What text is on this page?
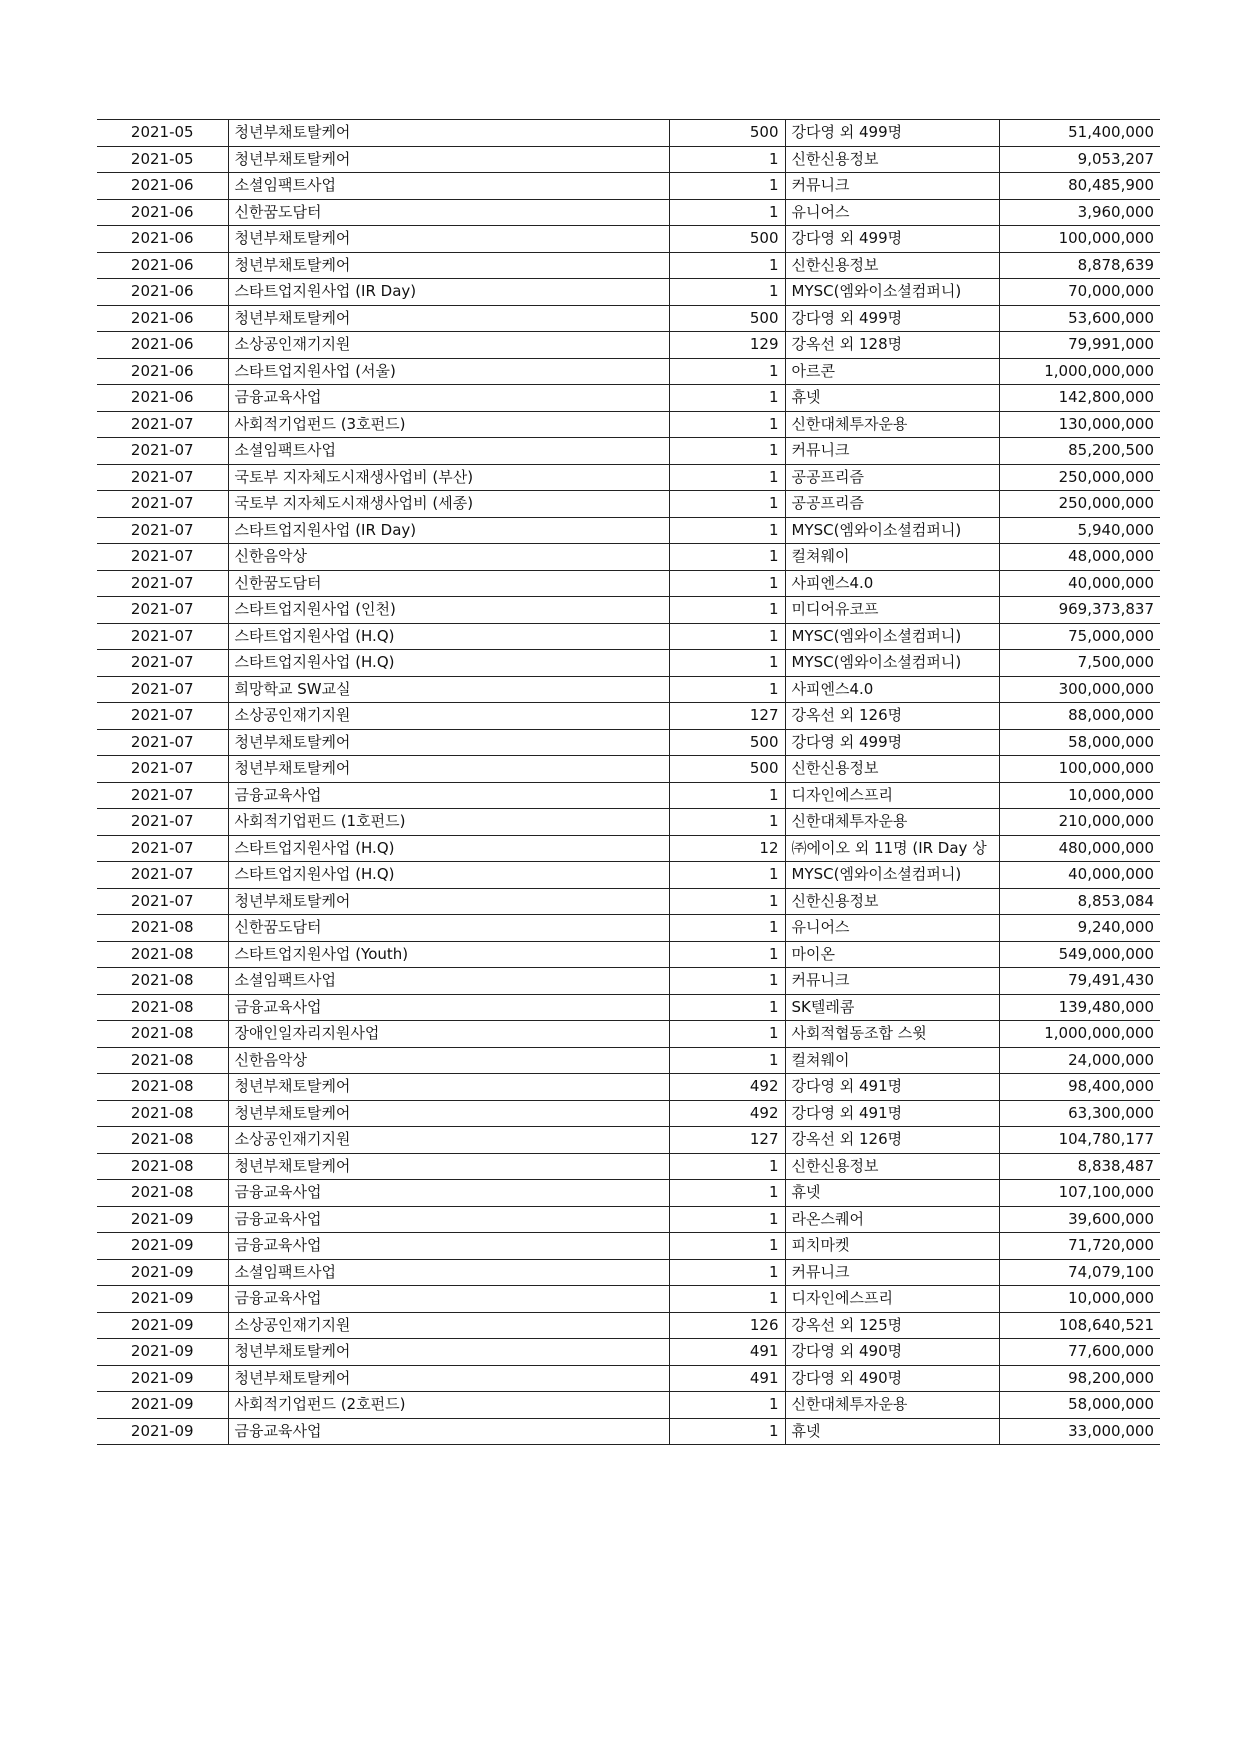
2021-05	청년부채토탈케어	500	강다영 외 499명	51,400,000
2021-05	청년부채토탈케어	1	신한신용정보	9,053,207
2021-06	소셜임팩트사업	1	커뮤니크	80,485,900
2021-06	신한꿈도담터	1	유니어스	3,960,000
2021-06	청년부채토탈케어	500	강다영 외 499명	100,000,000
2021-06	청년부채토탈케어	1	신한신용정보	8,878,639
2021-06	스타트업지원사업 (IR Day)	1	MYSC(엠와이소셜컴퍼니)	70,000,000
2021-06	청년부채토탈케어	500	강다영 외 499명	53,600,000
2021-06	소상공인재기지원	129	강옥선 외 128명	79,991,000
2021-06	스타트업지원사업 (서울)	1	아르콘	1,000,000,000
2021-06	금융교육사업	1	휴넷	142,800,000
2021-07	사회적기업펀드 (3호펀드)	1	신한대체투자운용	130,000,000
2021-07	소셜임팩트사업	1	커뮤니크	85,200,500
2021-07	국토부 지자체도시재생사업비 (부산)	1	공공프리즘	250,000,000
2021-07	국토부 지자체도시재생사업비 (세종)	1	공공프리즘	250,000,000
2021-07	스타트업지원사업 (IR Day)	1	MYSC(엠와이소셜컴퍼니)	5,940,000
2021-07	신한음악상	1	컬쳐웨이	48,000,000
2021-07	신한꿈도담터	1	사피엔스4.0	40,000,000
2021-07	스타트업지원사업 (인천)	1	미디어유코프	969,373,837
2021-07	스타트업지원사업 (H.Q)	1	MYSC(엠와이소셜컴퍼니)	75,000,000
2021-07	스타트업지원사업 (H.Q)	1	MYSC(엠와이소셜컴퍼니)	7,500,000
2021-07	희망학교 SW교실	1	사피엔스4.0	300,000,000
2021-07	소상공인재기지원	127	강옥선 외 126명	88,000,000
2021-07	청년부채토탈케어	500	강다영 외 499명	58,000,000
2021-07	청년부채토탈케어	500	신한신용정보	100,000,000
2021-07	금융교육사업	1	디자인에스프리	10,000,000
2021-07	사회적기업펀드 (1호펀드)	1	신한대체투자운용	210,000,000
2021-07	스타트업지원사업 (H.Q)	12	㈜에이오 외 11명 (IR Day 상	480,000,000
2021-07	스타트업지원사업 (H.Q)	1	MYSC(엠와이소셜컴퍼니)	40,000,000
2021-07	청년부채토탈케어	1	신한신용정보	8,853,084
2021-08	신한꿈도담터	1	유니어스	9,240,000
2021-08	스타트업지원사업 (Youth)	1	마이온	549,000,000
2021-08	소셜임팩트사업	1	커뮤니크	79,491,430
2021-08	금융교육사업	1	SK텔레콤	139,480,000
2021-08	장애인일자리지원사업	1	사회적협동조합 스윗	1,000,000,000
2021-08	신한음악상	1	컬쳐웨이	24,000,000
2021-08	청년부채토탈케어	492	강다영 외 491명	98,400,000
2021-08	청년부채토탈케어	492	강다영 외 491명	63,300,000
2021-08	소상공인재기지원	127	강옥선 외 126명	104,780,177
2021-08	청년부채토탈케어	1	신한신용정보	8,838,487
2021-08	금융교육사업	1	휴넷	107,100,000
2021-09	금융교육사업	1	라온스퀘어	39,600,000
2021-09	금융교육사업	1	피치마켓	71,720,000
2021-09	소셜임팩트사업	1	커뮤니크	74,079,100
2021-09	금융교육사업	1	디자인에스프리	10,000,000
2021-09	소상공인재기지원	126	강옥선 외 125명	108,640,521
2021-09	청년부채토탈케어	491	강다영 외 490명	77,600,000
2021-09	청년부채토탈케어	491	강다영 외 490명	98,200,000
2021-09	사회적기업펀드 (2호펀드)	1	신한대체투자운용	58,000,000
2021-09	금융교육사업	1	휴넷	33,000,000
